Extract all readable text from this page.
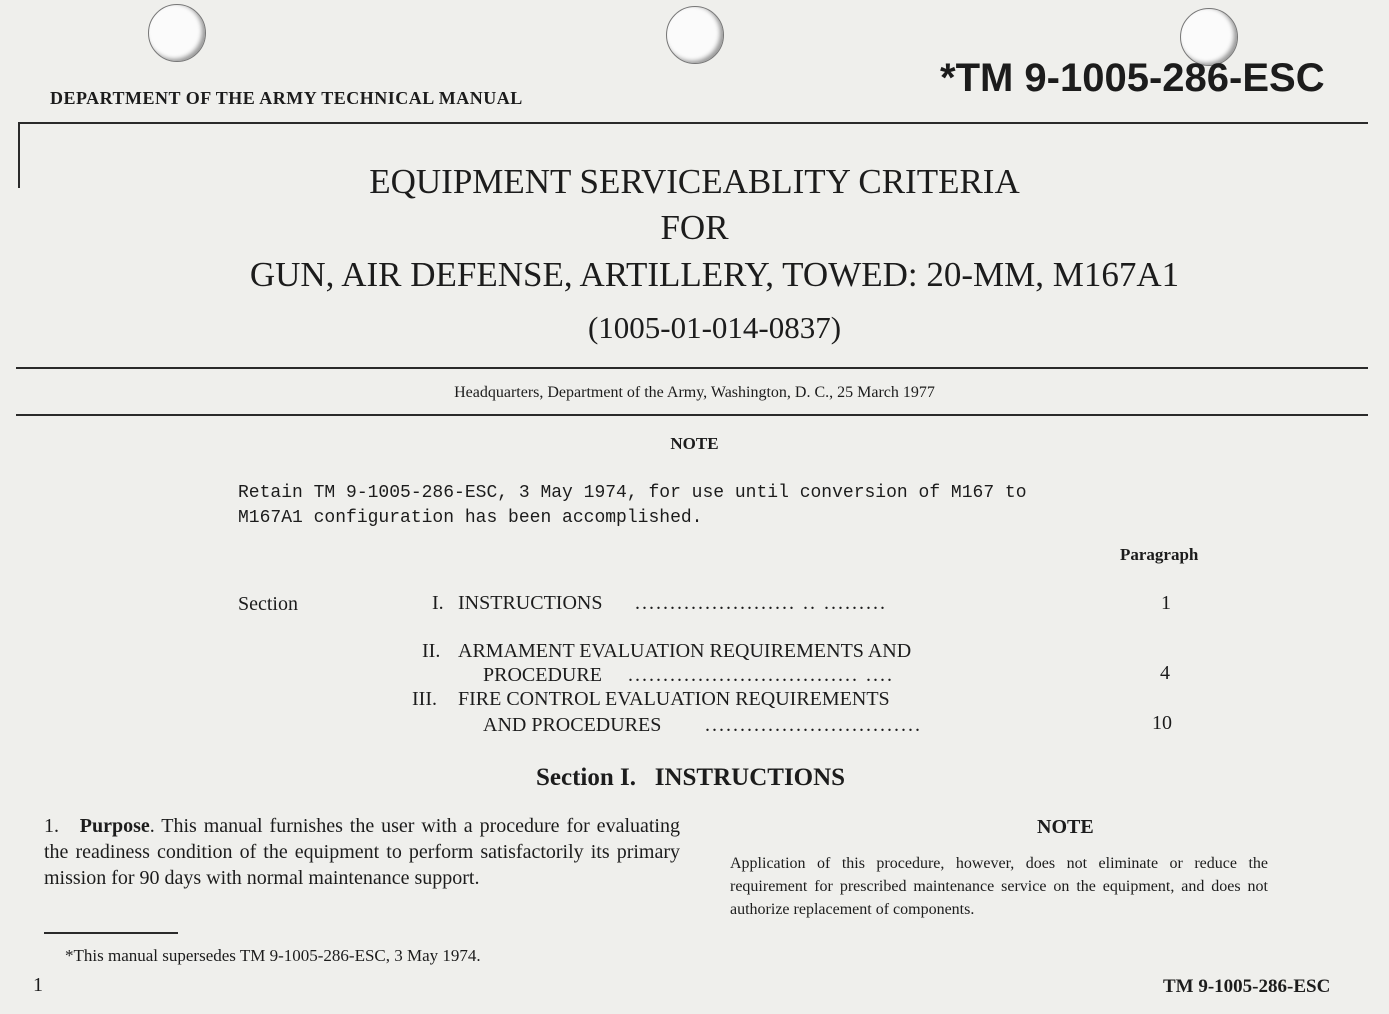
DEPARTMENT OF THE ARMY TECHNICAL MANUAL	*TM 9-1005-286-ESC
EQUIPMENT SERVICEABLITY CRITERIA
FOR
GUN, AIR DEFENSE, ARTILLERY, TOWED: 20-MM, M167A1
(1005-01-014-0837)
Headquarters, Department of the Army, Washington, D. C., 25 March 1977
NOTE
Retain TM 9-1005-286-ESC, 3 May 1974, for use until conversion of M167 to
M167A1 configuration has been accomplished.
Paragraph
Section	I. INSTRUCTIONS ....................... .. .........	1
II. ARMAMENT EVALUATION REQUIREMENTS AND
PROCEDURE ................................. ....	4
III. FIRE CONTROL EVALUATION REQUIREMENTS
AND PROCEDURES ...............................	10
Section I.   INSTRUCTIONS

1. Purpose. This manual furnishes the user with a procedure for evaluating the readiness condition of the equipment to perform satisfactorily its primary mission for 90 days with normal maintenance support.

NOTE
Application of this procedure, however, does not eliminate or reduce the requirement for prescribed maintenance service on the equipment, and does not authorize replacement of components.
*This manual supersedes TM 9-1005-286-ESC, 3 May 1974.
1	TM 9-1005-286-ESC
